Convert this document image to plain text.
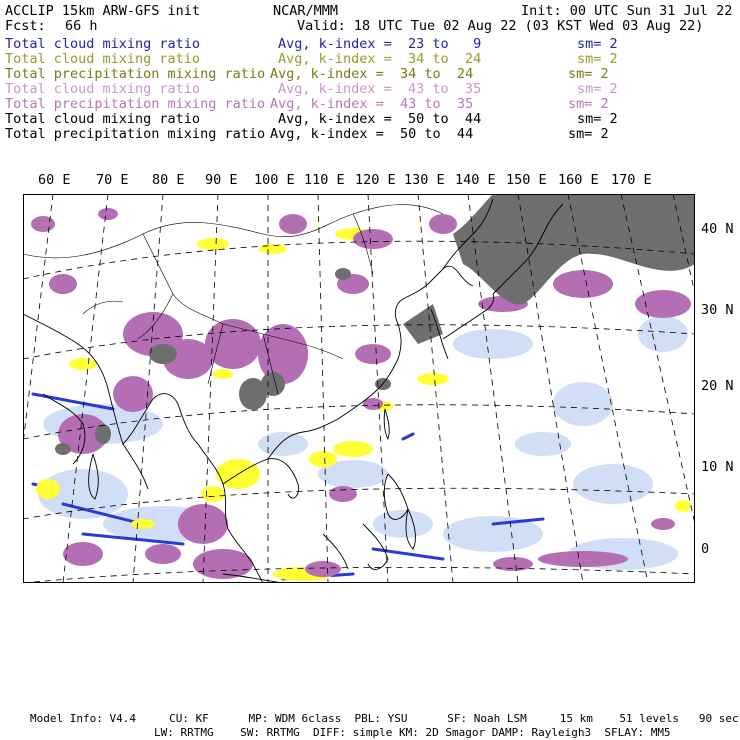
ACCLIP 15km ARW-GFS init	NCAR/MMM	Init: 00 UTC Sun 31 Jul 22
Fcst: 66 h	Valid: 18 UTC Tue 02 Aug 22 (03 KST Wed 03 Aug 22)
Total cloud mixing ratio	Avg, k-index =  23 to   9	sm= 2
Total cloud mixing ratio	Avg, k-index =  34 to  24	sm= 2
Total precipitation mixing ratio Avg, k-index =  34 to  24	sm= 2
Total cloud mixing ratio	Avg, k-index =  43 to  35	sm= 2
Total precipitation mixing ratio Avg, k-index =  43 to  35	sm= 2
Total cloud mixing ratio	Avg, k-index =  50 to  44	sm= 2
Total precipitation mixing ratio Avg, k-index =  50 to  44	sm= 2
60 E 70 E 80 E 90 E 100 E 110 E 120 E 130 E 140 E 150 E 160 E 170 E
40 N
30 N
20 N
10 N
0
Model Info: V4.4     CU: KF      MP: WDM 6class  PBL: YSU      SF: Noah LSM     15 km    51 levels   90 sec
LW: RRTMG    SW: RRTMG  DIFF: simple KM: 2D Smagor DAMP: Rayleigh3  SFLAY: MM5
